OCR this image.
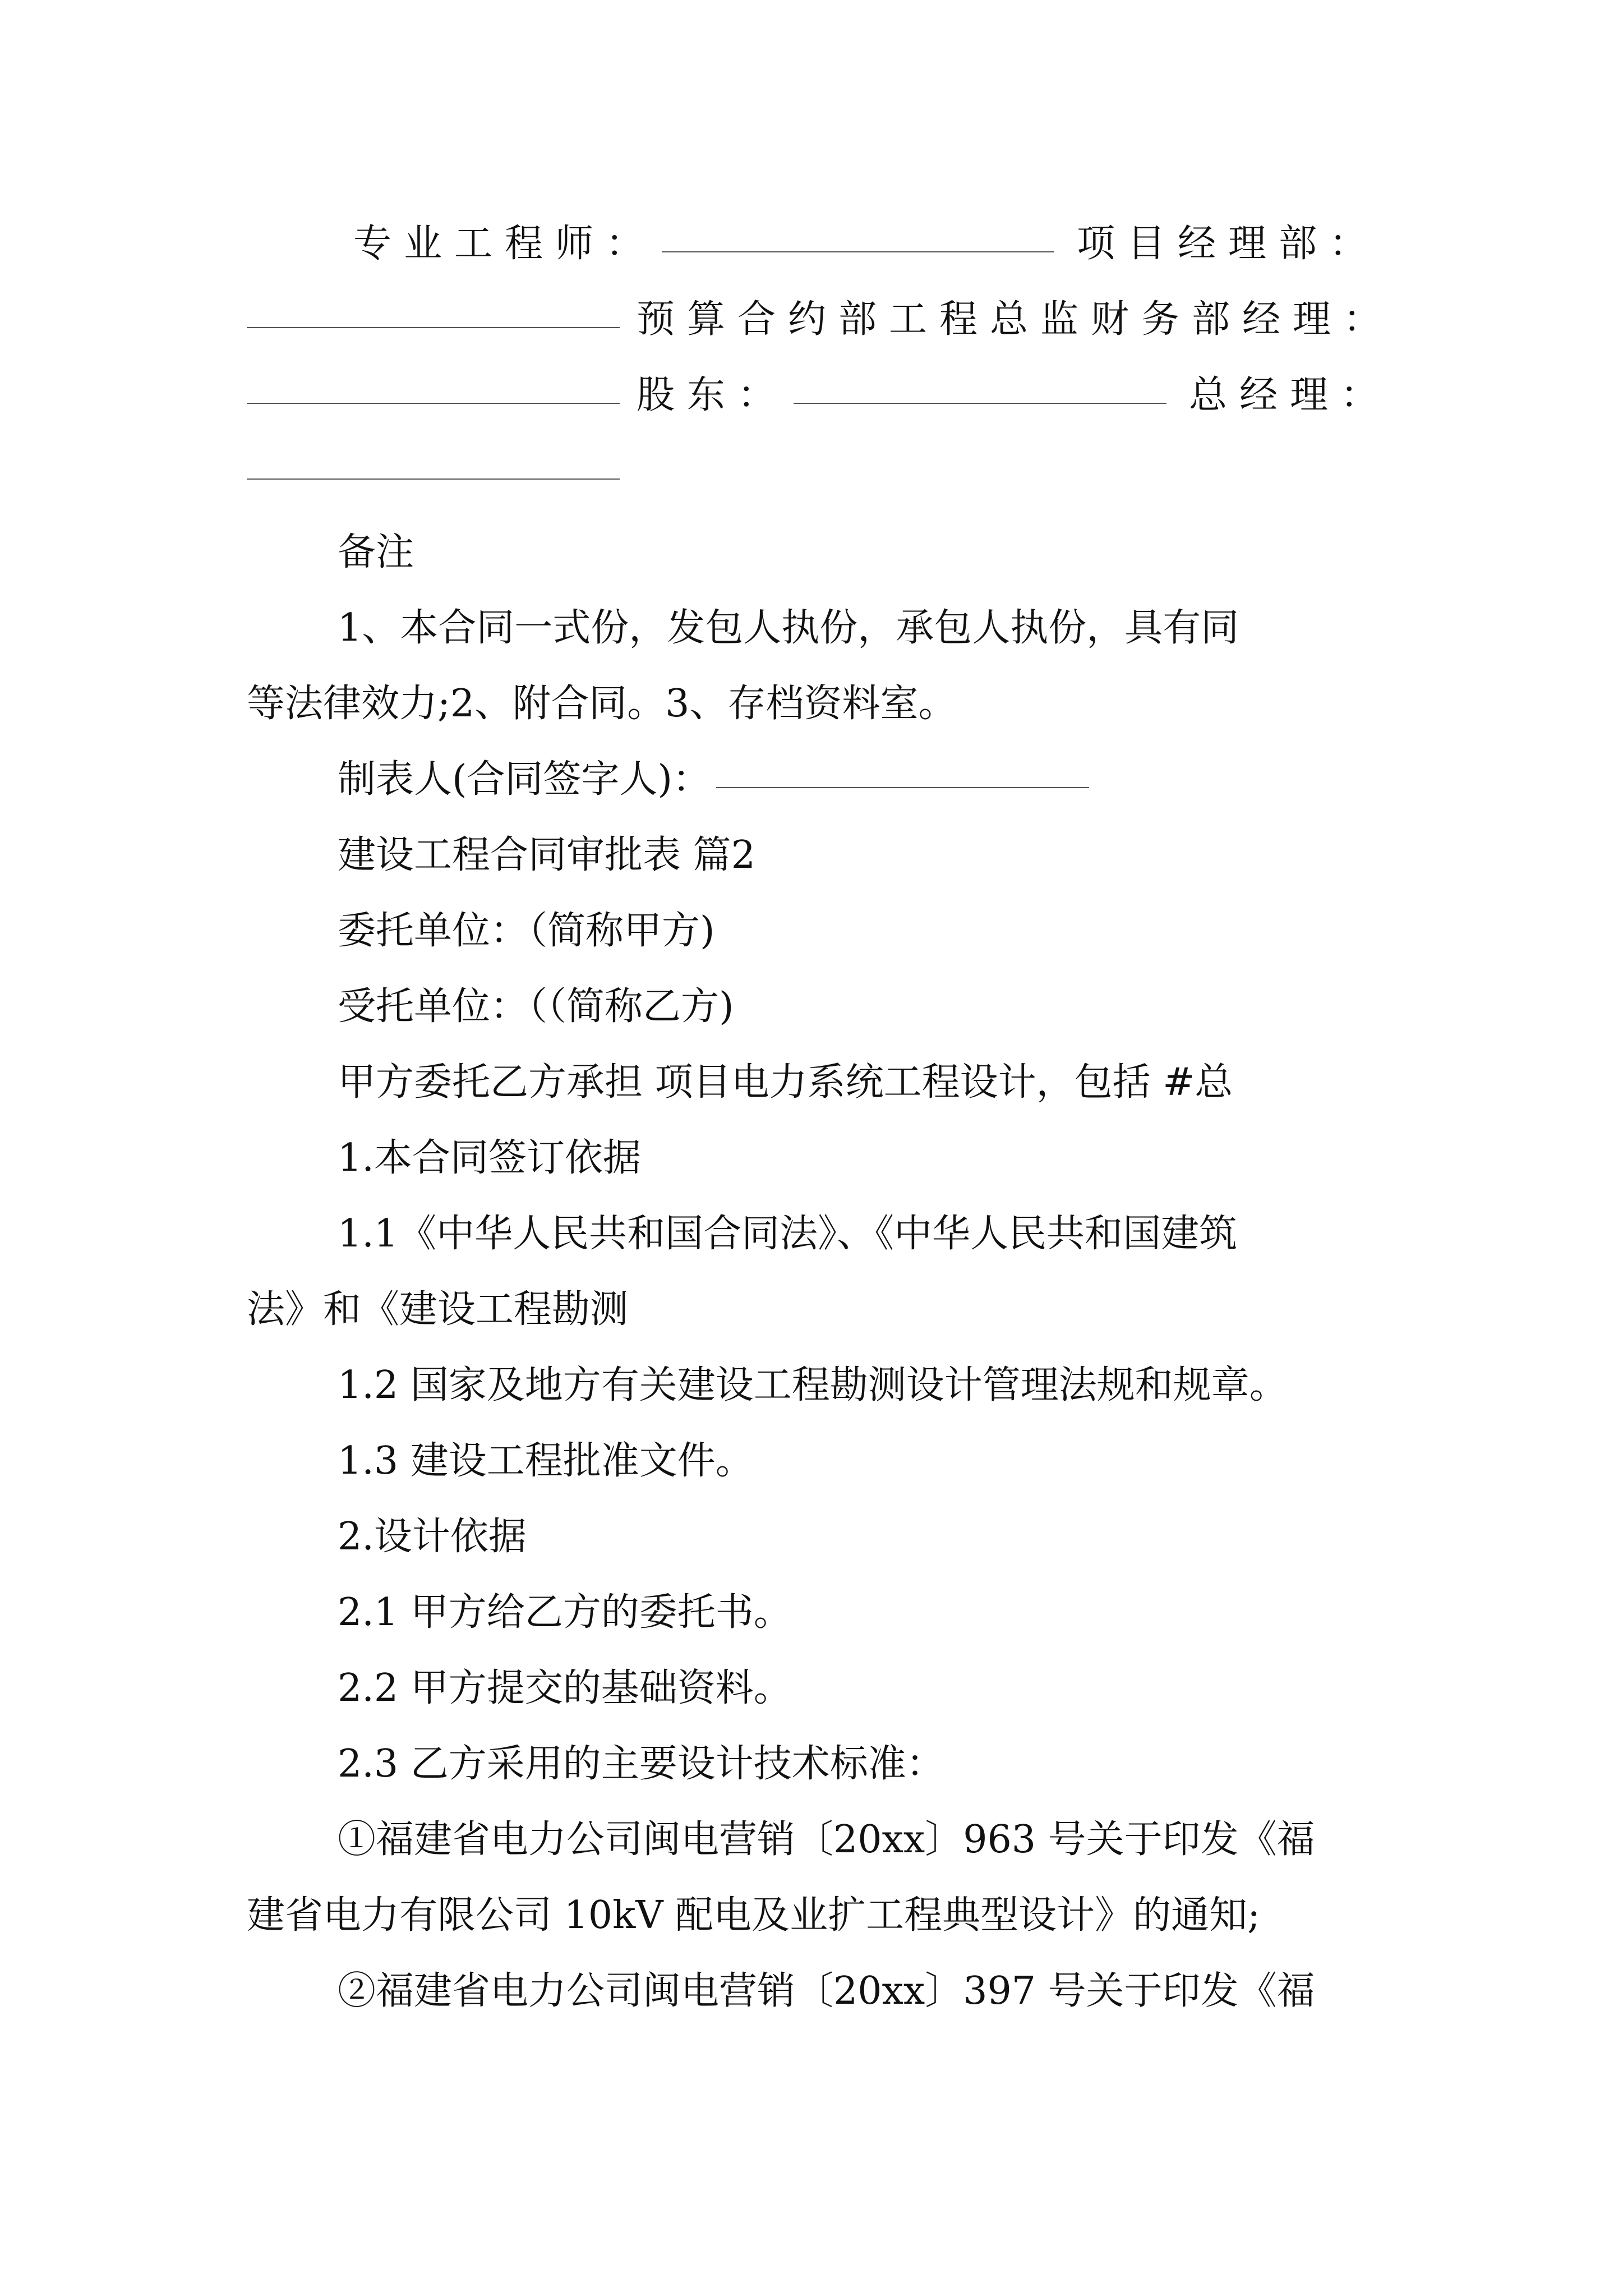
专业工程师：	项目经理部：
预算合约部工程总监财务部经理：
股东：	总经理：
备注
1、本合同一式份，发包人执份，承包人执份，具有同
等法律效力;2、附合同。3、存档资料室。
制表人(合同签字人)：
建设工程合同审批表 篇2
委托单位：（简称甲方)
受托单位：（（简称乙方)
甲方委托乙方承担 项目电力系统工程设计，包括 #总
1.本合同签订依据
1.1《中华人民共和国合同法》、《中华人民共和国建筑
法》和《建设工程勘测
1.2 国家及地方有关建设工程勘测设计管理法规和规章。
1.3 建设工程批准文件。
2.设计依据
2.1 甲方给乙方的委托书。
2.2 甲方提交的基础资料。
2.3 乙方采用的主要设计技术标准：
①福建省电力公司闽电营销〔20xx〕963 号关于印发《福
建省电力有限公司 10kV 配电及业扩工程典型设计》的通知;
②福建省电力公司闽电营销〔20xx〕397 号关于印发《福
